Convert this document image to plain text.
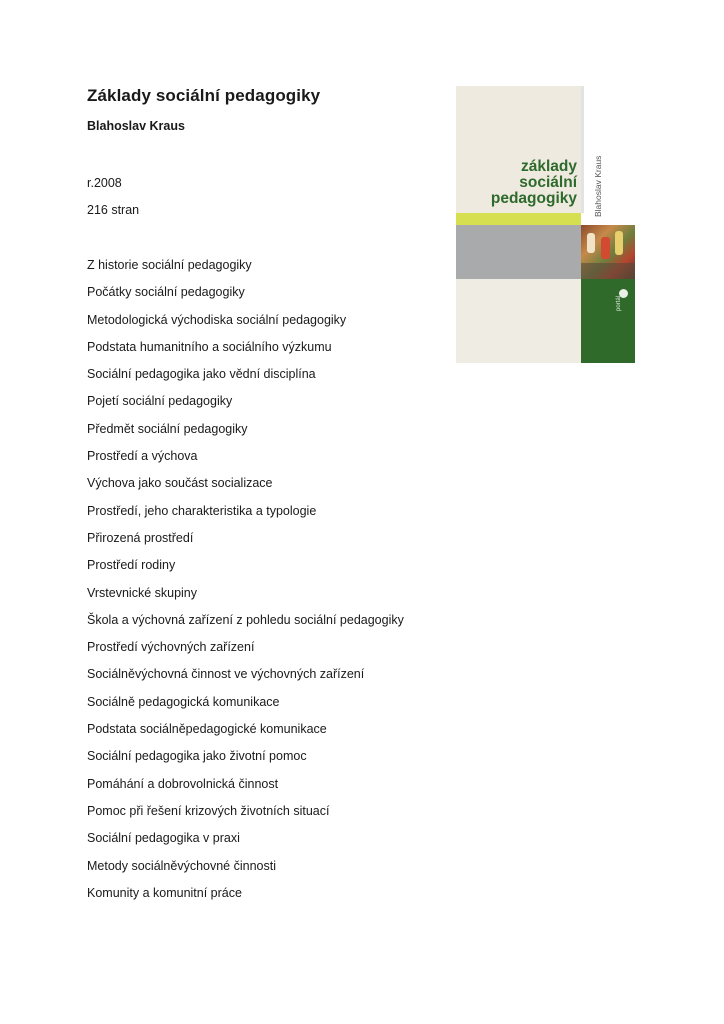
Základy sociální pedagogiky
Blahoslav Kraus
r.2008
216 stran
Z historie sociální pedagogiky
Počátky sociální pedagogiky
Metodologická východiska sociální pedagogiky
Podstata humanitního a sociálního výzkumu
Sociální pedagogika jako vědní disciplína
Pojetí sociální pedagogiky
Předmět sociální pedagogiky
Prostředí a výchova
Výchova jako součást socializace
Prostředí, jeho charakteristika a typologie
Přirozená prostředí
Prostředí rodiny
Vrstevnické skupiny
Škola a výchovná zařízení z pohledu sociální pedagogiky
Prostředí výchovných zařízení
Sociálněvýchovná činnost ve výchovných zařízení
Sociálně pedagogická komunikace
Podstata sociálněpedagogické komunikace
Sociální pedagogika jako životní pomoc
Pomáhání a dobrovolnická činnost
Pomoc při řešení krizových životních situací
Sociální pedagogika v praxi
Metody sociálněvýchovné činnosti
Komunity a komunitní práce
základy
sociální
pedagogiky Blahoslav Kraus
portál
